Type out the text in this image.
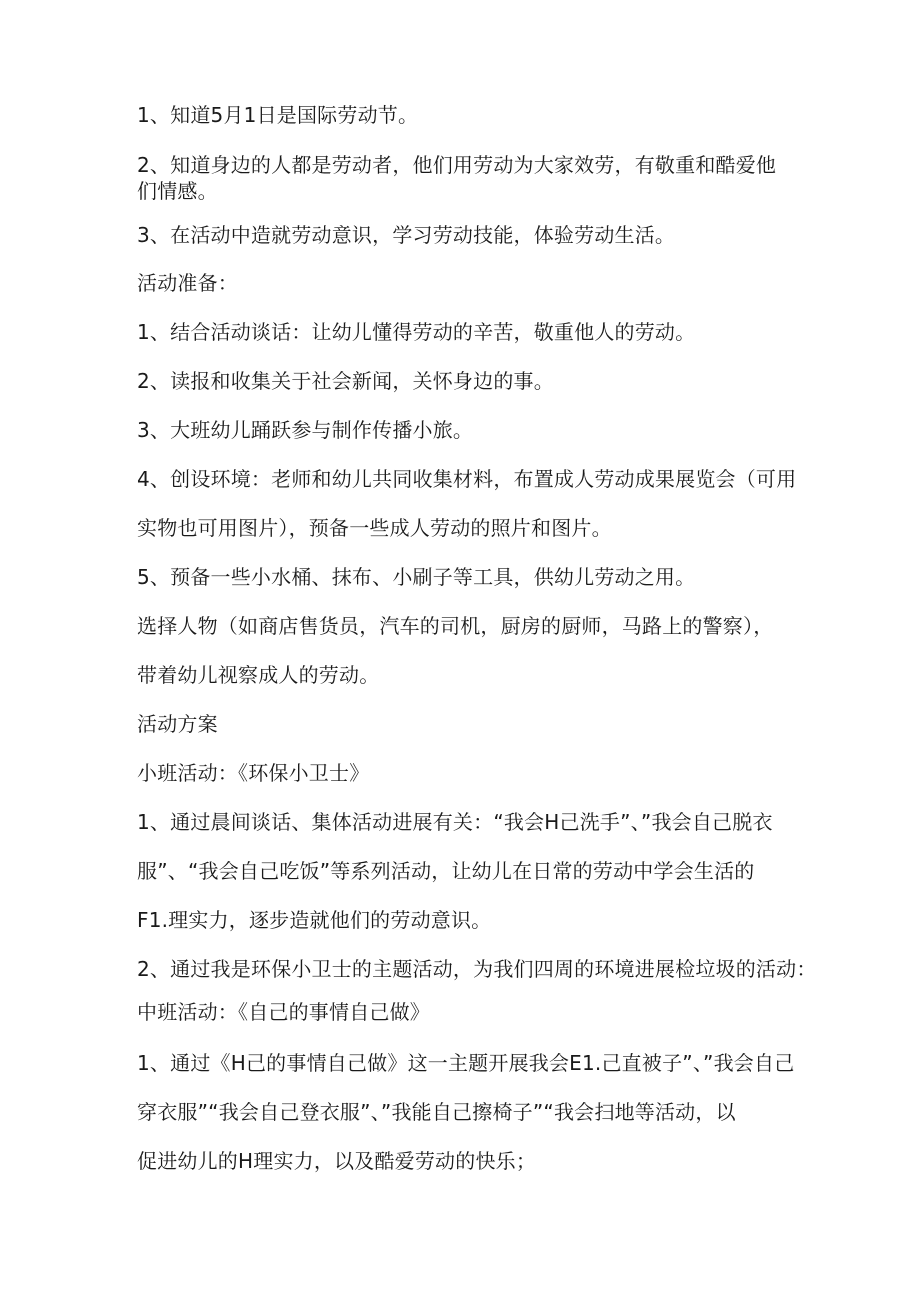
1、知道5月1日是国际劳动节。
2、知道身边的人都是劳动者，他们用劳动为大家效劳，有敬重和酷爱他
们情感。
3、在活动中造就劳动意识，学习劳动技能，体验劳动生活。
活动准备：
1、结合活动谈话：让幼儿懂得劳动的辛苦，敬重他人的劳动。
2、读报和收集关于社会新闻，关怀身边的事。
3、大班幼儿踊跃参与制作传播小旅。
4、创设环境：老师和幼儿共同收集材料，布置成人劳动成果展览会（可用
实物也可用图片），预备一些成人劳动的照片和图片。
5、预备一些小水桶、抹布、小刷子等工具，供幼儿劳动之用。
选择人物（如商店售货员，汽车的司机，厨房的厨师，马路上的警察），
带着幼儿视察成人的劳动。
活动方案
小班活动：《环保小卫士》
1、通过晨间谈话、集体活动进展有关：“我会H己洗手”、”我会自己脱衣
服”、“我会自己吃饭”等系列活动，让幼儿在日常的劳动中学会生活的
F1.理实力，逐步造就他们的劳动意识。
2、通过我是环保小卫士的主题活动，为我们四周的环境进展检垃圾的活动：
中班活动：《自己的事情自己做》
1、通过《H己的事情自己做》这一主题开展我会E1.己直被子”、”我会自己
穿衣服”“我会自己登衣服”、”我能自己擦椅子”“我会扫地等活动，以
促进幼儿的H理实力，以及酷爱劳动的快乐；
